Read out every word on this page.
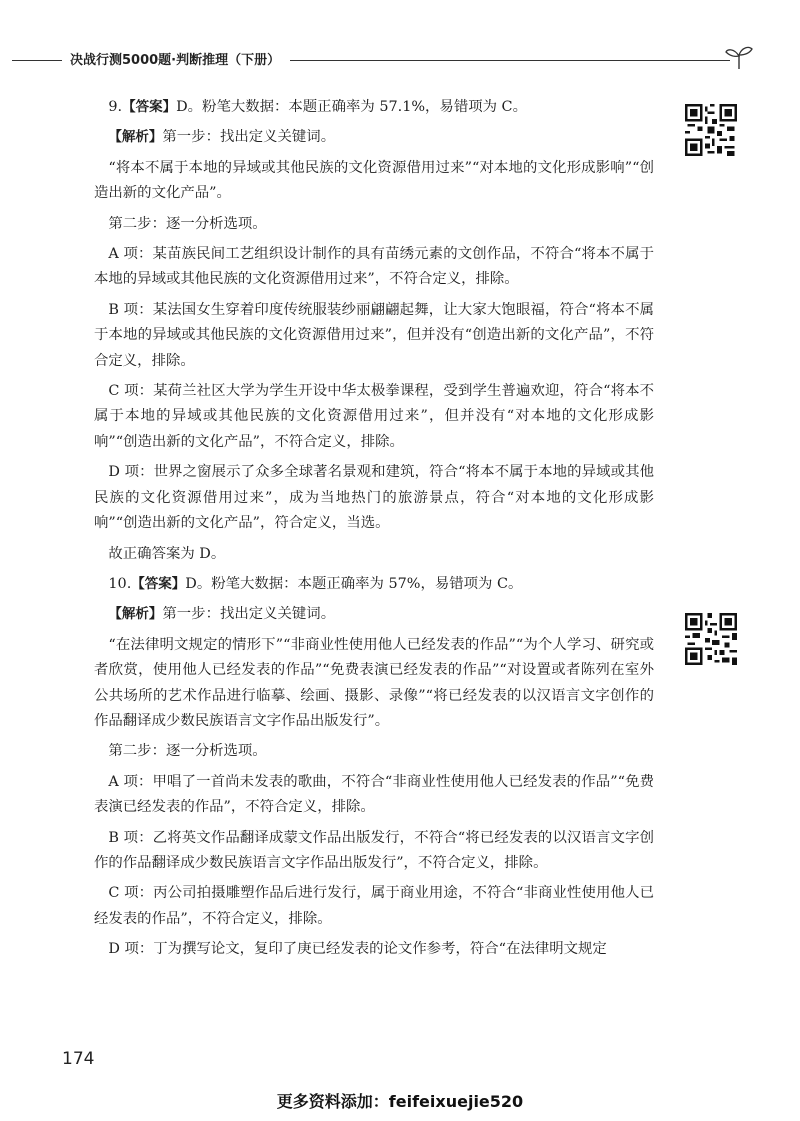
决战行测5000题·判断推理（下册）

9.【答案】D。粉笔大数据：本题正确率为 57.1%，易错项为 C。

【解析】第一步：找出定义关键词。

“将本不属于本地的异域或其他民族的文化资源借用过来”“对本地的文化形成影响”“创造出新的文化产品”。

第二步：逐一分析选项。

A 项：某苗族民间工艺组织设计制作的具有苗绣元素的文创作品，不符合“将本不属于本地的异域或其他民族的文化资源借用过来”，不符合定义，排除。

B 项：某法国女生穿着印度传统服装纱丽翩翩起舞，让大家大饱眼福，符合“将本不属于本地的异域或其他民族的文化资源借用过来”，但并没有“创造出新的文化产品”，不符合定义，排除。

C 项：某荷兰社区大学为学生开设中华太极拳课程，受到学生普遍欢迎，符合“将本不属于本地的异域或其他民族的文化资源借用过来”，但并没有“对本地的文化形成影响”“创造出新的文化产品”，不符合定义，排除。

D 项：世界之窗展示了众多全球著名景观和建筑，符合“将本不属于本地的异域或其他民族的文化资源借用过来”，成为当地热门的旅游景点，符合“对本地的文化形成影响”“创造出新的文化产品”，符合定义，当选。

故正确答案为 D。

10.【答案】D。粉笔大数据：本题正确率为 57%，易错项为 C。

【解析】第一步：找出定义关键词。

“在法律明文规定的情形下”“非商业性使用他人已经发表的作品”“为个人学习、研究或者欣赏，使用他人已经发表的作品”“免费表演已经发表的作品”“对设置或者陈列在室外公共场所的艺术作品进行临摹、绘画、摄影、录像”“将已经发表的以汉语言文字创作的作品翻译成少数民族语言文字作品出版发行”。

第二步：逐一分析选项。

A 项：甲唱了一首尚未发表的歌曲，不符合“非商业性使用他人已经发表的作品”“免费表演已经发表的作品”，不符合定义，排除。

B 项：乙将英文作品翻译成蒙文作品出版发行，不符合“将已经发表的以汉语言文字创作的作品翻译成少数民族语言文字作品出版发行”，不符合定义，排除。

C 项：丙公司拍摄雕塑作品后进行发行，属于商业用途，不符合“非商业性使用他人已经发表的作品”，不符合定义，排除。

D 项：丁为撰写论文，复印了庚已经发表的论文作参考，符合“在法律明文规定

174
更多资料添加：feifeixuejie520
